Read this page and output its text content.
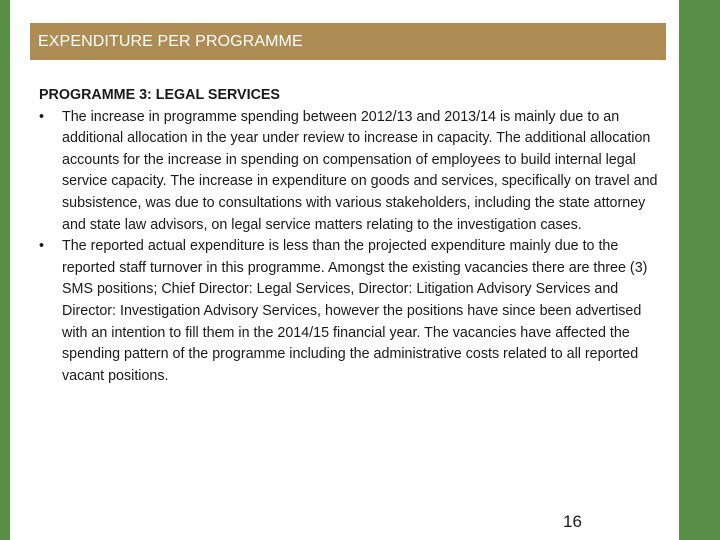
EXPENDITURE PER PROGRAMME
PROGRAMME 3: LEGAL SERVICES
•	The increase in programme spending between 2012/13 and 2013/14 is mainly due to an additional allocation in the year under review to increase in capacity. The additional allocation accounts for the increase in spending on compensation of employees to build internal legal service capacity. The increase in expenditure on goods and services, specifically on travel and subsistence, was due to consultations with various stakeholders, including the state attorney and state law advisors, on legal service matters relating to the investigation cases.
•	The reported actual expenditure is less than the projected expenditure mainly due to the reported staff turnover in this programme. Amongst the existing vacancies there are three (3) SMS positions; Chief Director: Legal Services, Director: Litigation Advisory Services and Director: Investigation Advisory Services, however the positions have since been advertised with an intention to fill them in the 2014/15 financial year. The vacancies have affected the spending pattern of the programme including the administrative costs related to all reported vacant positions.
16
